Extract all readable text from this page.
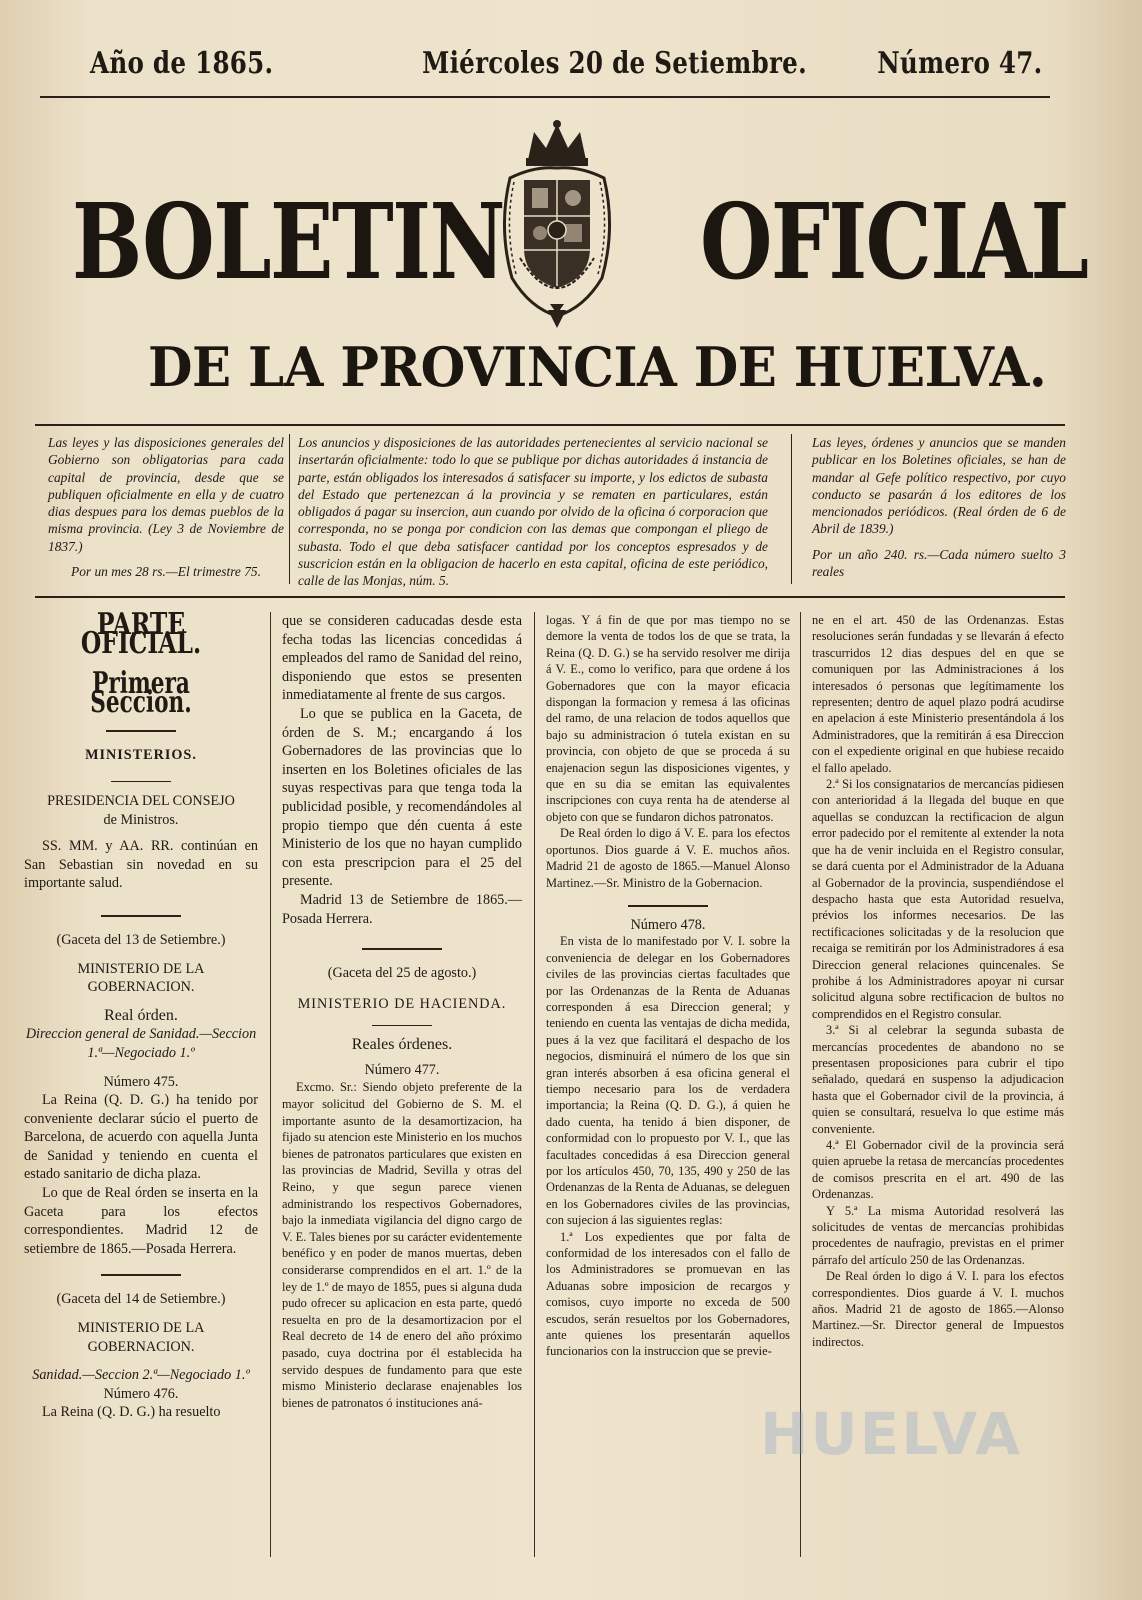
Año de 1865.	Miércoles 20 de Setiembre. Número 47.
BOLETIN OFICIAL
DE LA PROVINCIA DE HUELVA.

Las leyes y las disposiciones generales del Gobierno son obligatorias para cada capital de provincia, desde que se publiquen oficialmente en ella y de cuatro dias despues para los demas pueblos de la misma provincia. (Ley 3 de Noviembre de 1837.)

Por un mes 28 rs.—El trimestre 75.

Los anuncios y disposiciones de las autoridades pertenecientes al servicio nacional se insertarán oficialmente: todo lo que se publique por dichas autoridades á instancia de parte, están obligados los interesados á satisfacer su importe, y los edictos de subasta del Estado que pertenezcan á la provincia y se rematen en particulares, están obligados á pagar su insercion, aun cuando por olvido de la oficina ó corporacion que corresponda, no se ponga por condicion con las demas que compongan el pliego de subasta. Todo el que deba satisfacer cantidad por los conceptos espresados y de suscricion están en la obligacion de hacerlo en esta capital, oficina de este periódico, calle de las Monjas, núm. 5.

Las leyes, órdenes y anuncios que se manden publicar en los Boletines oficiales, se han de mandar al Gefe político respectivo, por cuyo conducto se pasarán á los editores de los mencionados periódicos. (Real órden de 6 de Abril de 1839.)

Por un año 240. rs.—Cada número suelto 3 reales

PARTE OFICIAL.
Primera Seccion.

MINISTERIOS.

PRESIDENCIA DEL CONSEJO

de Ministros.

SS. MM. y AA. RR. continúan en San Sebastian sin novedad en su importante salud.

(Gaceta del 13 de Setiembre.)

MINISTERIO DE LA GOBERNACION.

Real órden.

Direccion general de Sanidad.—Seccion 1.ª—Negociado 1.º

Número 475.

La Reina (Q. D. G.) ha tenido por conveniente declarar súcio el puerto de Barcelona, de acuerdo con aquella Junta de Sanidad y teniendo en cuenta el estado sanitario de dicha plaza.

Lo que de Real órden se inserta en la Gaceta para los efectos correspondientes. Madrid 12 de setiembre de 1865.—Posada Herrera.

(Gaceta del 14 de Setiembre.)

MINISTERIO DE LA GOBERNACION.

Sanidad.—Seccion 2.ª—Negociado 1.º

Número 476.

La Reina (Q. D. G.) ha resuelto

que se consideren caducadas desde esta fecha todas las licencias concedidas á empleados del ramo de Sanidad del reino, disponiendo que estos se presenten inmediatamente al frente de sus cargos.

Lo que se publica en la Gaceta, de órden de S. M.; encargando á los Gobernadores de las provincias que lo inserten en los Boletines oficiales de las suyas respectivas para que tenga toda la publicidad posible, y recomendándoles al propio tiempo que dén cuenta á este Ministerio de los que no hayan cumplido con esta prescripcion para el 25 del presente.

Madrid 13 de Setiembre de 1865.—Posada Herrera.

(Gaceta del 25 de agosto.)

MINISTERIO DE HACIENDA.

Reales órdenes.

Número 477.

Excmo. Sr.: Siendo objeto preferente de la mayor solicitud del Gobierno de S. M. el importante asunto de la desamortizacion, ha fijado su atencion este Ministerio en los muchos bienes de patronatos particulares que existen en las provincias de Madrid, Sevilla y otras del Reino, y que segun parece vienen administrando los respectivos Gobernadores, bajo la inmediata vigilancia del digno cargo de V. E. Tales bienes por su carácter evidentemente benéfico y en poder de manos muertas, deben considerarse comprendidos en el art. 1.º de la ley de 1.º de mayo de 1855, pues si alguna duda pudo ofrecer su aplicacion en esta parte, quedó resuelta en pro de la desamortizacion por el Real decreto de 14 de enero del año próximo pasado, cuya doctrina por él establecida ha servido despues de fundamento para que este mismo Ministerio declarase enajenables los bienes de patronatos ó instituciones aná-

logas. Y á fin de que por mas tiempo no se demore la venta de todos los de que se trata, la Reina (Q. D. G.) se ha servido resolver me dirija á V. E., como lo verifico, para que ordene á los Gobernadores que con la mayor eficacia dispongan la formacion y remesa á las oficinas del ramo, de una relacion de todos aquellos que bajo su administracion ó tutela existan en su provincia, con objeto de que se proceda á su enajenacion segun las disposiciones vigentes, y que en su dia se emitan las equivalentes inscripciones con cuya renta ha de atenderse al objeto con que se fundaron dichos patronatos.

De Real órden lo digo á V. E. para los efectos oportunos. Dios guarde á V. E. muchos años. Madrid 21 de agosto de 1865.—Manuel Alonso Martinez.—Sr. Ministro de la Gobernacion.

Número 478.

En vista de lo manifestado por V. I. sobre la conveniencia de delegar en los Gobernadores civiles de las provincias ciertas facultades que por las Ordenanzas de la Renta de Aduanas corresponden á esa Direccion general; y teniendo en cuenta las ventajas de dicha medida, pues á la vez que facilitará el despacho de los negocios, disminuirá el número de los que sin gran interés absorben á esa oficina general el tiempo necesario para los de verdadera importancia; la Reina (Q. D. G.), á quien he dado cuenta, ha tenido á bien disponer, de conformidad con lo propuesto por V. I., que las facultades concedidas á esa Direccion general por los artículos 450, 70, 135, 490 y 250 de las Ordenanzas de la Renta de Aduanas, se deleguen en los Gobernadores civiles de las provincias, con sujecion á las siguientes reglas:

1.ª Los expedientes que por falta de conformidad de los interesados con el fallo de los Administradores se promuevan en las Aduanas sobre imposicion de recargos y comisos, cuyo importe no exceda de 500 escudos, serán resueltos por los Gobernadores, ante quienes los presentarán aquellos funcionarios con la instruccion que se previe-

ne en el art. 450 de las Ordenanzas. Estas resoluciones serán fundadas y se llevarán á efecto trascurridos 12 dias despues del en que se comuniquen por las Administraciones á los interesados ó personas que legítimamente los representen; dentro de aquel plazo podrá acudirse en apelacion á este Ministerio presentándola á los Administradores, que la remitirán á esa Direccion con el expediente original en que hubiese recaido el fallo apelado.

2.ª Si los consignatarios de mercancías pidiesen con anterioridad á la llegada del buque en que aquellas se conduzcan la rectificacion de algun error padecido por el remitente al extender la nota que ha de venir incluida en el Registro consular, se dará cuenta por el Administrador de la Aduana al Gobernador de la provincia, suspendiéndose el despacho hasta que esta Autoridad resuelva, prévios los informes necesarios. De las rectificaciones solicitadas y de la resolucion que recaiga se remitirán por los Administradores á esa Direccion general relaciones quincenales. Se prohibe á los Administradores apoyar ni cursar solicitud alguna sobre rectificacion de bultos no comprendidos en el Registro consular.

3.ª Si al celebrar la segunda subasta de mercancías procedentes de abandono no se presentasen proposiciones para cubrir el tipo señalado, quedará en suspenso la adjudicacion hasta que el Gobernador civil de la provincia, á quien se consultará, resuelva lo que estime más conveniente.

4.ª El Gobernador civil de la provincia será quien apruebe la retasa de mercancías procedentes de comisos prescrita en el art. 490 de las Ordenanzas.

Y 5.ª La misma Autoridad resolverá las solicitudes de ventas de mercancías prohibidas procedentes de naufragio, previstas en el primer párrafo del artículo 250 de las Ordenanzas.

De Real órden lo digo á V. I. para los efectos correspondientes. Dios guarde á V. I. muchos años. Madrid 21 de agosto de 1865.—Alonso Martinez.—Sr. Director general de Impuestos indirectos.

HUELVA
